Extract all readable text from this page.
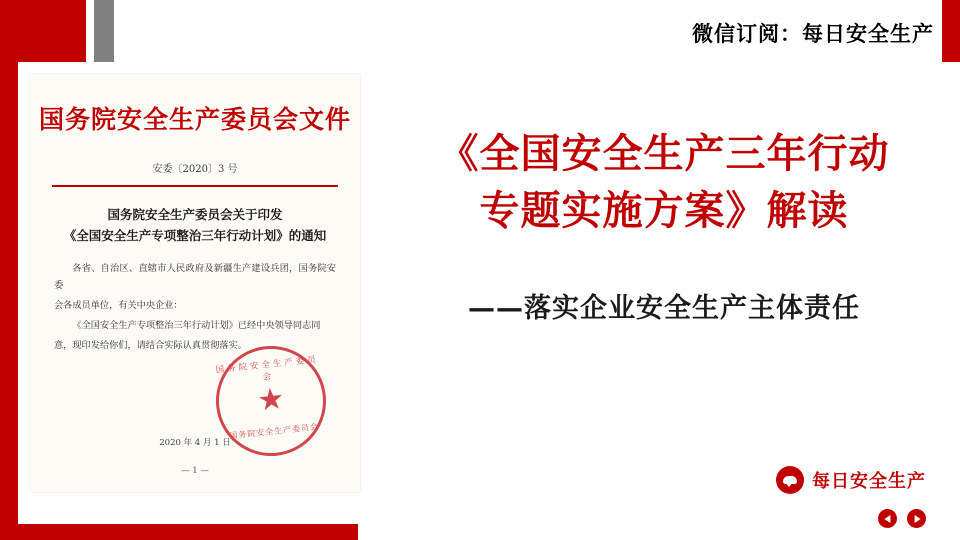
微信订阅：每日安全生产
国务院安全生产委员会文件
安委〔2020〕3 号
国务院安全生产委员会关于印发
《全国安全生产专项整治三年行动计划》的通知

各省、自治区、直辖市人民政府及新疆生产建设兵团，国务院安委

会各成员单位，有关中央企业：

《全国安全生产专项整治三年行动计划》已经中央领导同志同

意，现印发给你们，请结合实际认真贯彻落实。

国务院安全生产委员会
★
国务院安全生产委员会
2020 年 4 月 1 日
— 1 —
《全国安全生产三年行动
专题实施方案》解读
——落实企业安全生产主体责任
每日安全生产
